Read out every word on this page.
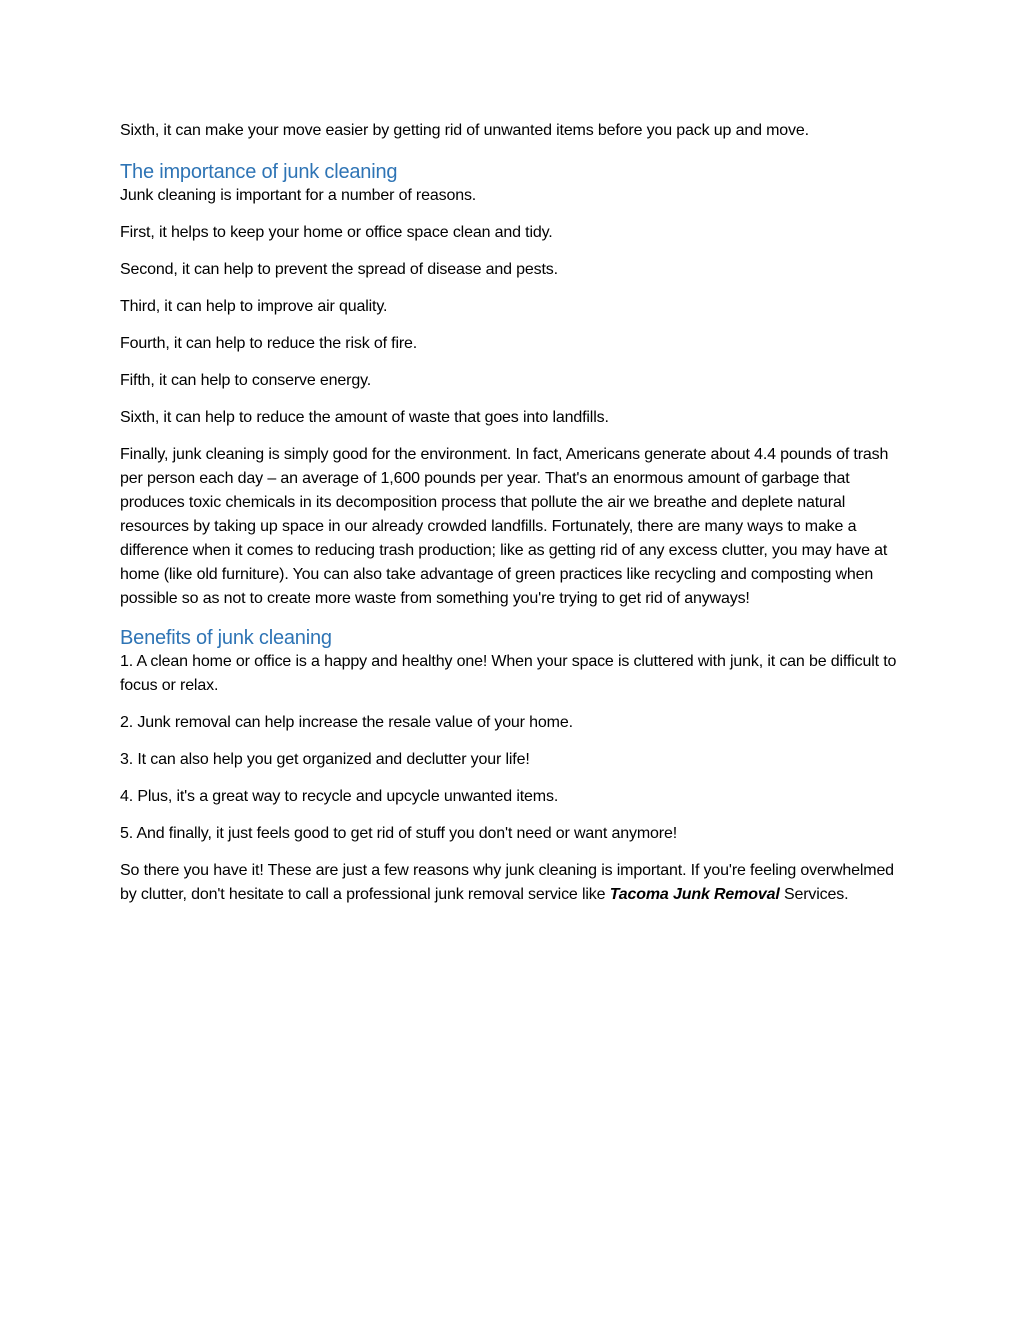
Sixth, it can make your move easier by getting rid of unwanted items before you pack up and move.

The importance of junk cleaning

Junk cleaning is important for a number of reasons.

First, it helps to keep your home or office space clean and tidy.

Second, it can help to prevent the spread of disease and pests.

Third, it can help to improve air quality.

Fourth, it can help to reduce the risk of fire.

Fifth, it can help to conserve energy.

Sixth, it can help to reduce the amount of waste that goes into landfills.

Finally, junk cleaning is simply good for the environment. In fact, Americans generate about 4.4 pounds of trash per person each day – an average of 1,600 pounds per year. That's an enormous amount of garbage that produces toxic chemicals in its decomposition process that pollute the air we breathe and deplete natural resources by taking up space in our already crowded landfills. Fortunately, there are many ways to make a difference when it comes to reducing trash production; like as getting rid of any excess clutter, you may have at home (like old furniture). You can also take advantage of green practices like recycling and composting when possible so as not to create more waste from something you're trying to get rid of anyways!

Benefits of junk cleaning

1. A clean home or office is a happy and healthy one! When your space is cluttered with junk, it can be difficult to focus or relax.

2. Junk removal can help increase the resale value of your home.

3. It can also help you get organized and declutter your life!

4. Plus, it's a great way to recycle and upcycle unwanted items.

5. And finally, it just feels good to get rid of stuff you don't need or want anymore!

So there you have it! These are just a few reasons why junk cleaning is important. If you're feeling overwhelmed by clutter, don't hesitate to call a professional junk removal service like Tacoma Junk Removal Services.
